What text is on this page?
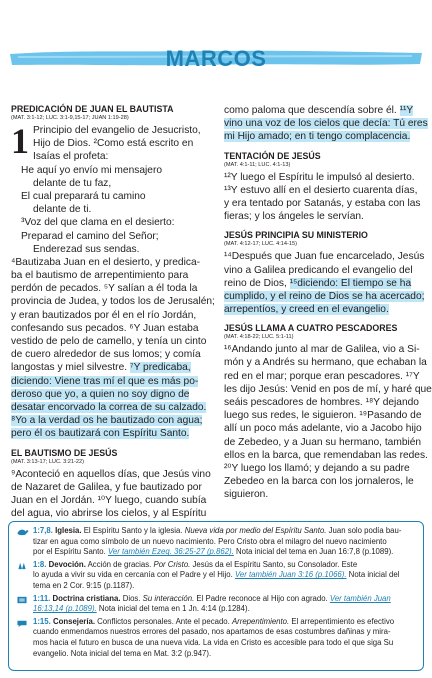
MARCOS

PREDICACIÓN DE JUAN EL BAUTISTA

(MAT. 3:1-12; LUC. 3:1-9,15-17; JUAN 1:19-28)

1 Principio del evangelio de Jesucristo,
Hijo de Dios. ²Como está escrito en
Isaías el profeta:
He aquí yo envío mi mensajero
delante de tu faz,
El cual preparará tu camino
delante de ti.
³Voz del que clama en el desierto:
Preparad el camino del Señor;
Enderezad sus sendas.
⁴Bautizaba Juan en el desierto, y predica-
ba el bautismo de arrepentimiento para
perdón de pecados. ⁵Y salían a él toda la
provincia de Judea, y todos los de Jerusalén;
y eran bautizados por él en el río Jordán,
confesando sus pecados. ⁶Y Juan estaba
vestido de pelo de camello, y tenía un cinto
de cuero alrededor de sus lomos; y comía
langostas y miel silvestre. ⁷Y predicaba,
diciendo: Viene tras mí el que es más po-
deroso que yo, a quien no soy digno de
desatar encorvado la correa de su calzado.
⁸Yo a la verdad os he bautizado con agua;
pero él os bautizará con Espíritu Santo.

EL BAUTISMO DE JESÚS

(MAT. 3:13-17; LUC. 3:21-22)

⁹Aconteció en aquellos días, que Jesús vino
de Nazaret de Galilea, y fue bautizado por
Juan en el Jordán. ¹⁰Y luego, cuando subía
del agua, vio abrirse los cielos, y al Espíritu
como paloma que descendía sobre él. ¹¹Y
vino una voz de los cielos que decía: Tú eres
mi Hijo amado; en ti tengo complacencia.

TENTACIÓN DE JESÚS

(MAT. 4:1-11; LUC. 4:1-13)

¹²Y luego el Espíritu le impulsó al desierto.
¹³Y estuvo allí en el desierto cuarenta días,
y era tentado por Satanás, y estaba con las
fieras; y los ángeles le servían.

JESÚS PRINCIPIA SU MINISTERIO

(MAT. 4:12-17; LUC. 4:14-15)

¹⁴Después que Juan fue encarcelado, Jesús
vino a Galilea predicando el evangelio del
reino de Dios, ¹⁵diciendo: El tiempo se ha
cumplido, y el reino de Dios se ha acercado;
arrepentíos, y creed en el evangelio.

JESÚS LLAMA A CUATRO PESCADORES

(MAT. 4:18-22; LUC. 5:1-11)

¹⁶Andando junto al mar de Galilea, vio a Si-
món y a Andrés su hermano, que echaban la
red en el mar; porque eran pescadores. ¹⁷Y
les dijo Jesús: Venid en pos de mí, y haré que
seáis pescadores de hombres. ¹⁸Y dejando
luego sus redes, le siguieron. ¹⁹Pasando de
allí un poco más adelante, vio a Jacobo hijo
de Zebedeo, y a Juan su hermano, también
ellos en la barca, que remendaban las redes.
²⁰Y luego los llamó; y dejando a su padre
Zebedeo en la barca con los jornaleros, le
siguieron.
1:7,8. Iglesia. El Espíritu Santo y la iglesia. Nueva vida por medio del Espíritu Santo. Juan solo podía bau-
tizar en agua como símbolo de un nuevo nacimiento. Pero Cristo obra el milagro del nuevo nacimiento
por el Espíritu Santo. Ver también Ezeq. 36:25-27 (p.862). Nota inicial del tema en Juan 16:7,8 (p.1089).
1:8. Devoción. Acción de gracias. Por Cristo. Jesús da el Espíritu Santo, su Consolador. Este
lo ayuda a vivir su vida en cercanía con el Padre y el Hijo. Ver también Juan 3:16 (p.1066). Nota inicial del
tema en 2 Cor. 9:15 (p.1187).
1:11. Doctrina cristiana. Dios. Su interacción. El Padre reconoce al Hijo con agrado. Ver también Juan
16:13,14 (p.1089). Nota inicial del tema en 1 Jn. 4:14 (p.1284).
1:15. Consejería. Conflictos personales. Ante el pecado. Arrepentimiento. El arrepentimiento es efectivo
cuando enmendamos nuestros errores del pasado, nos apartamos de esas costumbres dañinas y mira-
mos hacia el futuro en busca de una nueva vida. La vida en Cristo es accesible para todo el que siga Su
evangelio. Nota inicial del tema en Mat. 3:2 (p.947).
